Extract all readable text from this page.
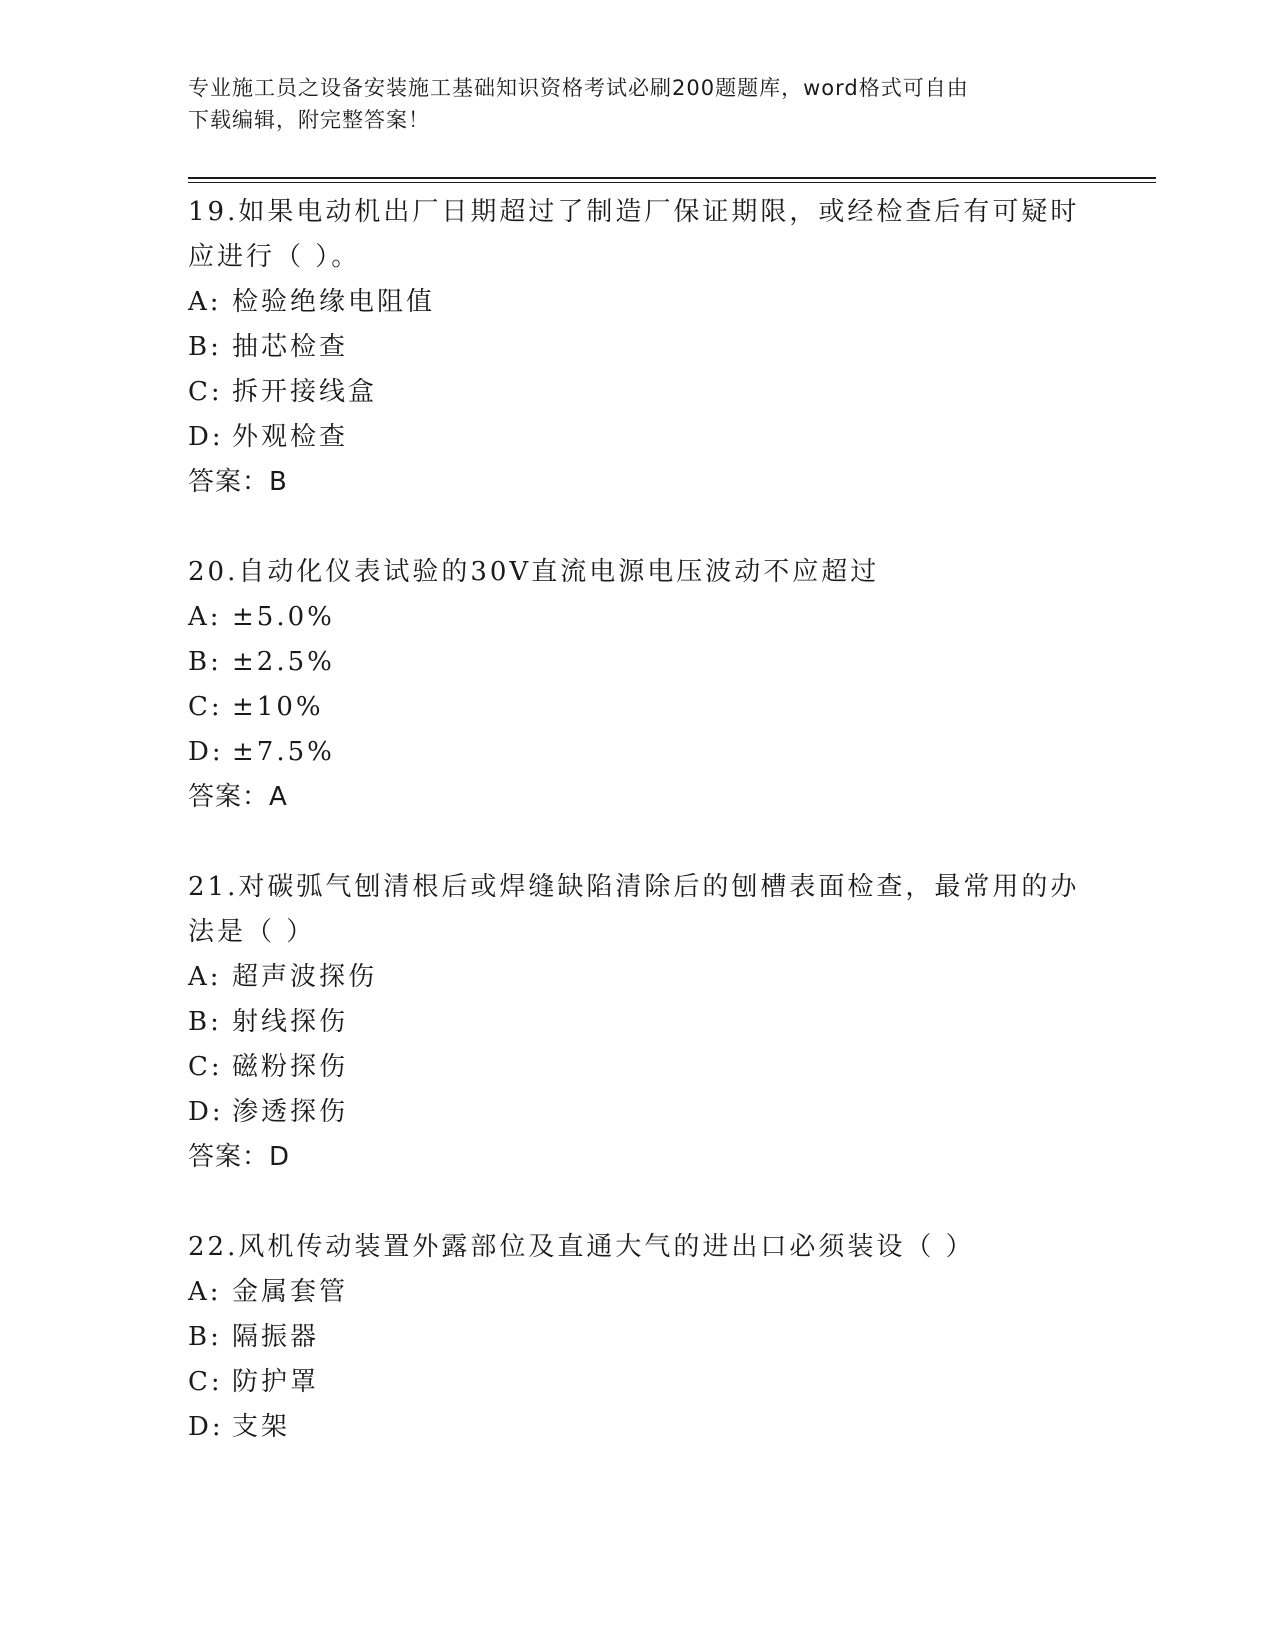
专业施工员之设备安装施工基础知识资格考试必刷200题题库，word格式可自由
下载编辑，附完整答案！
19.如果电动机出厂日期超过了制造厂保证期限，或经检查后有可疑时
应进行（ ）。
A: 检验绝缘电阻值
B: 抽芯检查
C: 拆开接线盒
D: 外观检查
答案：B
20.自动化仪表试验的30V直流电源电压波动不应超过
A: ±5.0%
B: ±2.5%
C: ±10%
D: ±7.5%
答案：A
21.对碳弧气刨清根后或焊缝缺陷清除后的刨槽表面检查，最常用的办
法是（ ）
A: 超声波探伤
B: 射线探伤
C: 磁粉探伤
D: 渗透探伤
答案：D
22.风机传动装置外露部位及直通大气的进出口必须装设（ ）
A: 金属套管
B: 隔振器
C: 防护罩
D: 支架
